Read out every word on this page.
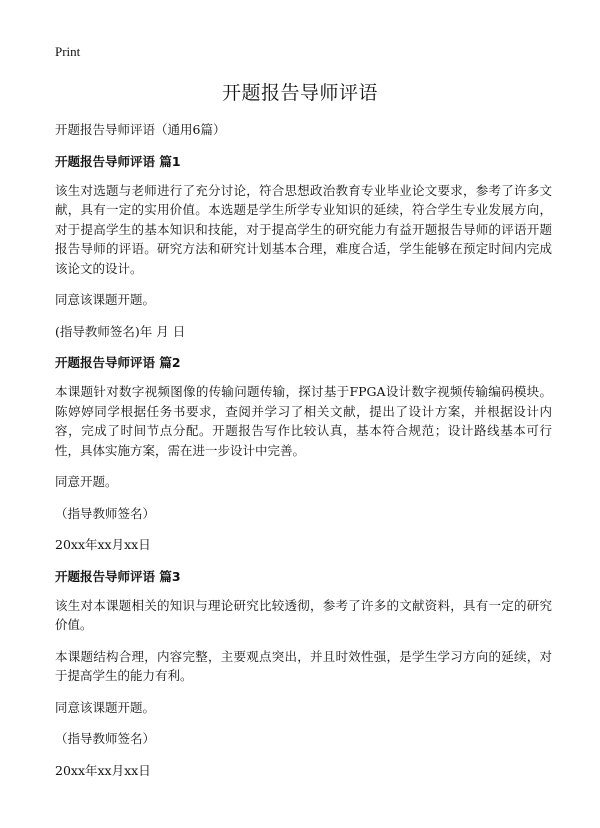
Print
开题报告导师评语

开题报告导师评语（通用6篇）

开题报告导师评语 篇1

该生对选题与老师进行了充分讨论，符合思想政治教育专业毕业论文要求，参考了许多文献，具有一定的实用价值。本选题是学生所学专业知识的延续，符合学生专业发展方向，对于提高学生的基本知识和技能，对于提高学生的研究能力有益开题报告导师的评语开题报告导师的评语。研究方法和研究计划基本合理，难度合适，学生能够在预定时间内完成该论文的设计。

同意该课题开题。

(指导教师签名)年 月 日

开题报告导师评语 篇2

本课题针对数字视频图像的传输问题传输，探讨基于FPGA设计数字视频传输编码模块。陈婷婷同学根据任务书要求，查阅并学习了相关文献，提出了设计方案，并根据设计内容，完成了时间节点分配。开题报告写作比较认真，基本符合规范；设计路线基本可行性，具体实施方案，需在进一步设计中完善。

同意开题。

（指导教师签名）

20xx年xx月xx日

开题报告导师评语 篇3

该生对本课题相关的知识与理论研究比较透彻，参考了许多的文献资料，具有一定的研究价值。

本课题结构合理，内容完整，主要观点突出，并且时效性强，是学生学习方向的延续，对于提高学生的能力有利。

同意该课题开题。

（指导教师签名）

20xx年xx月xx日
